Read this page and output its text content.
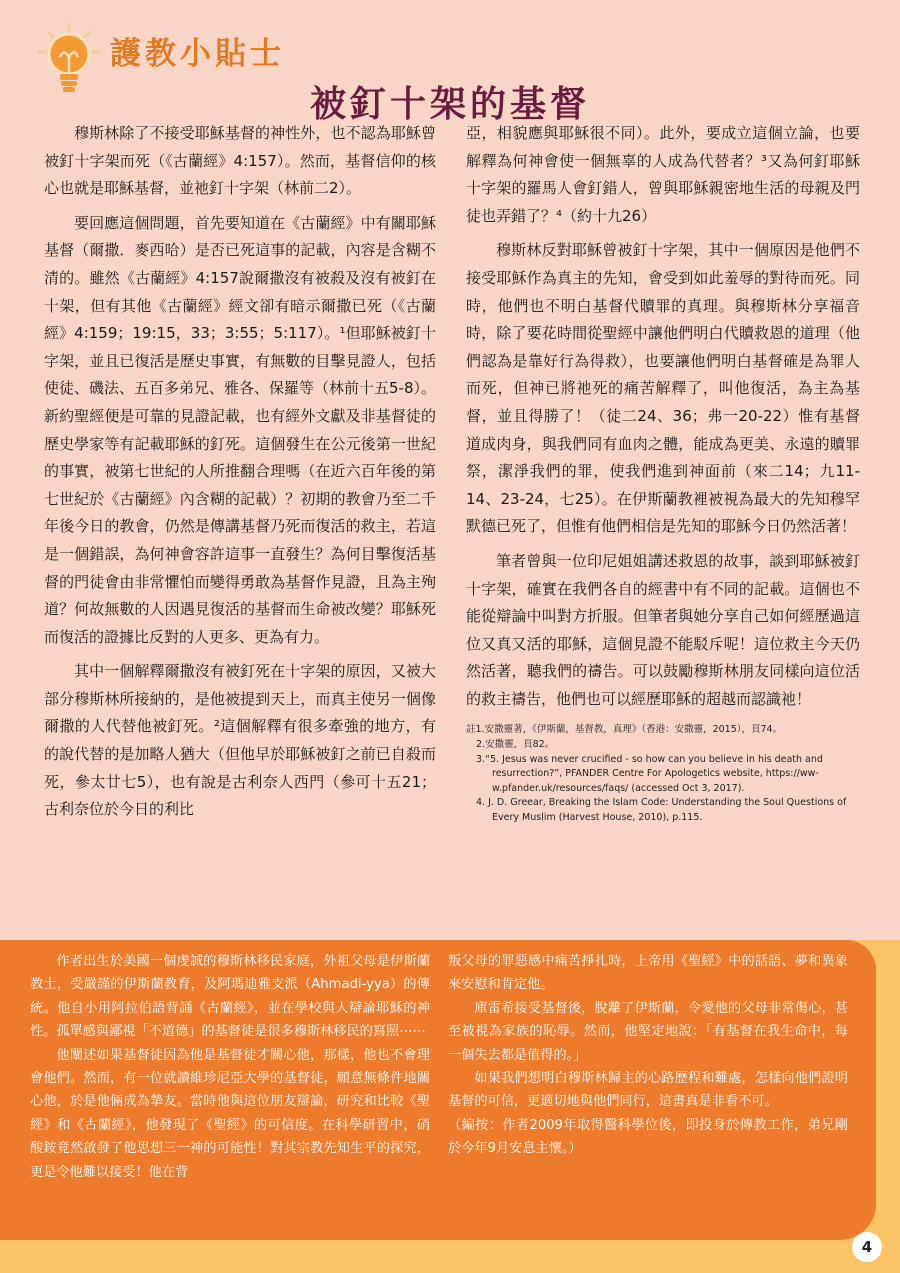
護教小貼士
被釘十架的基督

穆斯林除了不接受耶穌基督的神性外，也不認為耶穌曾被釘十字架而死（《古蘭經》4:157）。然而，基督信仰的核心也就是耶穌基督，並祂釘十字架（林前二2）。

要回應這個問題，首先要知道在《古蘭經》中有關耶穌基督（爾撒．麥西哈）是否已死這事的記載，內容是含糊不清的。雖然《古蘭經》4:157說爾撒沒有被殺及沒有被釘在十架，但有其他《古蘭經》經文卻有暗示爾撒已死（《古蘭經》4:159；19:15，33；3:55；5:117）。¹但耶穌被釘十字架，並且已復活是歷史事實，有無數的目擊見證人，包括使徒、磯法、五百多弟兄、雅各、保羅等（林前十五5-8）。新約聖經便是可靠的見證記載，也有經外文獻及非基督徒的歷史學家等有記載耶穌的釘死。這個發生在公元後第一世紀的事實，被第七世紀的人所推翻合理嗎（在近六百年後的第七世紀於《古蘭經》內含糊的記載）？初期的教會乃至二千年後今日的教會，仍然是傳講基督乃死而復活的救主，若這是一個錯誤，為何神會容許這事一直發生？為何目擊復活基督的門徒會由非常懼怕而變得勇敢為基督作見證，且為主殉道？何故無數的人因遇見復活的基督而生命被改變？耶穌死而復活的證據比反對的人更多、更為有力。

其中一個解釋爾撒沒有被釘死在十字架的原因，又被大部分穆斯林所接納的，是他被提到天上，而真主使另一個像爾撒的人代替他被釘死。²這個解釋有很多牽強的地方，有的說代替的是加略人猶大（但他早於耶穌被釘之前已自殺而死，參太廿七5），也有說是古利奈人西門（參可十五21；古利奈位於今日的利比

亞，相貌應與耶穌很不同）。此外，要成立這個立論，也要解釋為何神會使一個無辜的人成為代替者？³又為何釘耶穌十字架的羅馬人會釘錯人，曾與耶穌親密地生活的母親及門徒也弄錯了？⁴（約十九26）

穆斯林反對耶穌曾被釘十字架，其中一個原因是他們不接受耶穌作為真主的先知，會受到如此羞辱的對待而死。同時，他們也不明白基督代贖罪的真理。與穆斯林分享福音時，除了要花時間從聖經中讓他們明白代贖救恩的道理（他們認為是靠好行為得救），也要讓他們明白基督確是為罪人而死，但神已將祂死的痛苦解釋了，叫他復活，為主為基督，並且得勝了！（徒二24、36；弗一20-22）惟有基督道成肉身，與我們同有血肉之體，能成為更美、永遠的贖罪祭，潔淨我們的罪，使我們進到神面前（來二14；九11-14、23-24，七25）。在伊斯蘭教裡被視為最大的先知穆罕默德已死了，但惟有他們相信是先知的耶穌今日仍然活著！

筆者曾與一位印尼姐姐講述救恩的故事，談到耶穌被釘十字架，確實在我們各自的經書中有不同的記載。這個也不能從辯論中叫對方折服。但筆者與她分享自己如何經歷過這位又真又活的耶穌，這個見證不能駁斥呢！這位救主今天仍然活著，聽我們的禱告。可以鼓勵穆斯林朋友同樣向這位活的救主禱告，他們也可以經歷耶穌的超越而認識祂！

註1.安撒靈著，《伊斯蘭，基督教，真理》（香港：安撒靈，2015），頁74。
2.安撒靈，頁82。
3.“5. Jesus was never crucified - so how can you believe in his death and resurrection?”, PFANDER Centre For Apologetics website, https://ww-w.pfander.uk/resources/faqs/ (accessed Oct 3, 2017).
4. J. D. Greear, Breaking the Islam Code: Understanding the Soul Questions of Every Muslim (Harvest House, 2010), p.115.

作者出生於美國一個虔誠的穆斯林移民家庭，外祖父母是伊斯蘭教士，受嚴謹的伊斯蘭教育，及阿瑪迪雅支派（Ahmadi-yya）的傳統。他自小用阿拉伯語背誦《古蘭經》，並在學校與人辯論耶穌的神性。孤單感與鄙視「不道德」的基督徒是很多穆斯林移民的寫照⋯⋯

他闡述如果基督徒因為他是基督徒才關心他，那樣，他也不會理會他們。然而，有一位就讀維珍尼亞大學的基督徒，願意無條件地關心他，於是他倆成為摯友。當時他與這位朋友辯論，研究和比較《聖經》和《古蘭經》，他發現了《聖經》的可信度。在科學研習中，硝酸銨竟然啟發了他思想三一神的可能性！對其宗教先知生平的探究，更是令他難以接受！他在背

叛父母的罪惡感中痛苦掙扎時，上帝用《聖經》中的話語、夢和異象來安慰和肯定他。

庫雷希接受基督後，脫離了伊斯蘭，令愛他的父母非常傷心，甚至被視為家族的恥辱。然而，他堅定地說：「有基督在我生命中，每一個失去都是值得的。」

如果我們想明白穆斯林歸主的心路歷程和難處，怎樣向他們證明基督的可信，更適切地與他們同行，這書真是非看不可。

（編按：作者2009年取得醫科學位後，即投身於傳教工作，弟兄剛於今年9月安息主懷。）

4
